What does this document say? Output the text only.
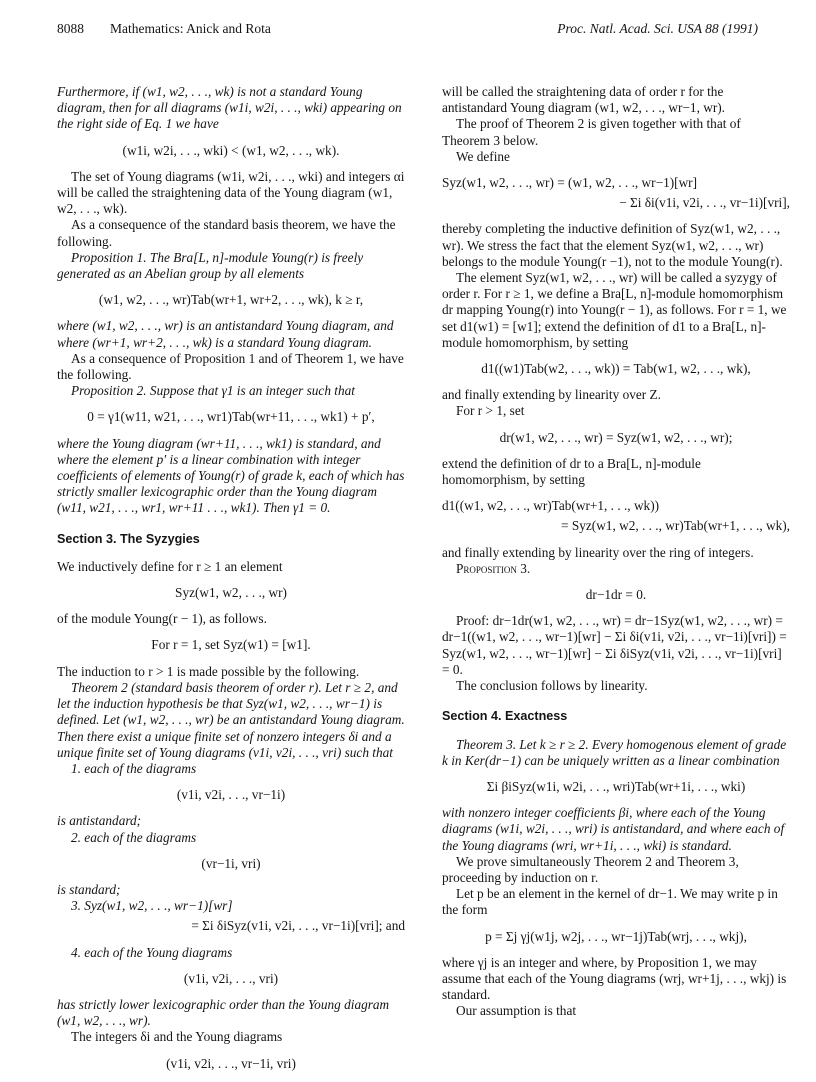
8088 Mathematics: Anick and Rota	Proc. Natl. Acad. Sci. USA 88 (1991)

Furthermore, if (w1, w2, . . ., wk) is not a standard Young diagram, then for all diagrams (w1i, w2i, . . ., wki) appearing on the right side of Eq. 1 we have

(w1i, w2i, . . ., wki) < (w1, w2, . . ., wk).

The set of Young diagrams (w1i, w2i, . . ., wki) and integers αi will be called the straightening data of the Young diagram (w1, w2, . . ., wk).

As a consequence of the standard basis theorem, we have the following.

Proposition 1. The Bra[L, n]-module Young(r) is freely generated as an Abelian group by all elements

(w1, w2, . . ., wr)Tab(wr+1, wr+2, . . ., wk), k ≥ r,

where (w1, w2, . . ., wr) is an antistandard Young diagram, and where (wr+1, wr+2, . . ., wk) is a standard Young diagram.

As a consequence of Proposition 1 and of Theorem 1, we have the following.

Proposition 2. Suppose that γ1 is an integer such that

0 = γ1(w11, w21, . . ., wr1)Tab(wr+11, . . ., wk1) + p′,

where the Young diagram (wr+11, . . ., wk1) is standard, and where the element p′ is a linear combination with integer coefficients of elements of Young(r) of grade k, each of which has strictly smaller lexicographic order than the Young diagram (w11, w21, . . ., wr1, wr+11 . . ., wk1). Then γ1 = 0.

Section 3. The Syzygies

We inductively define for r ≥ 1 an element

Syz(w1, w2, . . ., wr)

of the module Young(r − 1), as follows.

For r = 1, set Syz(w1) = [w1].

The induction to r > 1 is made possible by the following.

Theorem 2 (standard basis theorem of order r). Let r ≥ 2, and let the induction hypothesis be that Syz(w1, w2, . . ., wr−1) is defined. Let (w1, w2, . . ., wr) be an antistandard Young diagram. Then there exist a unique finite set of nonzero integers δi and a unique finite set of Young diagrams (v1i, v2i, . . ., vri) such that

1. each of the diagrams

(v1i, v2i, . . ., vr−1i)

is antistandard;

2. each of the diagrams

(vr−1i, vri)

is standard;

3. Syz(w1, w2, . . ., wr−1)[wr]

= Σi δiSyz(v1i, v2i, . . ., vr−1i)[vri]; and

4. each of the Young diagrams

(v1i, v2i, . . ., vri)

has strictly lower lexicographic order than the Young diagram (w1, w2, . . ., wr).

The integers δi and the Young diagrams

(v1i, v2i, . . ., vr−1i, vri)

will be called the straightening data of order r for the antistandard Young diagram (w1, w2, . . ., wr−1, wr).

The proof of Theorem 2 is given together with that of Theorem 3 below.

We define

Syz(w1, w2, . . ., wr) = (w1, w2, . . ., wr−1)[wr]

− Σi δi(v1i, v2i, . . ., vr−1i)[vri],

thereby completing the inductive definition of Syz(w1, w2, . . ., wr). We stress the fact that the element Syz(w1, w2, . . ., wr) belongs to the module Young(r −1), not to the module Young(r).

The element Syz(w1, w2, . . ., wr) will be called a syzygy of order r. For r ≥ 1, we define a Bra[L, n]-module homomorphism dr mapping Young(r) into Young(r − 1), as follows. For r = 1, we set d1(w1) = [w1]; extend the definition of d1 to a Bra[L, n]-module homomorphism, by setting

d1((w1)Tab(w2, . . ., wk)) = Tab(w1, w2, . . ., wk),

and finally extending by linearity over Z.

For r > 1, set

dr(w1, w2, . . ., wr) = Syz(w1, w2, . . ., wr);

extend the definition of dr to a Bra[L, n]-module homomorphism, by setting

d1((w1, w2, . . ., wr)Tab(wr+1, . . ., wk))

= Syz(w1, w2, . . ., wr)Tab(wr+1, . . ., wk),

and finally extending by linearity over the ring of integers.

Proposition 3.

dr−1dr = 0.

Proof: dr−1dr(w1, w2, . . ., wr) = dr−1Syz(w1, w2, . . ., wr) = dr−1((w1, w2, . . ., wr−1)[wr] − Σi δi(v1i, v2i, . . ., vr−1i)[vri]) = Syz(w1, w2, . . ., wr−1)[wr] − Σi δiSyz(v1i, v2i, . . ., vr−1i)[vri] = 0.

The conclusion follows by linearity.

Section 4. Exactness

Theorem 3. Let k ≥ r ≥ 2. Every homogenous element of grade k in Ker(dr−1) can be uniquely written as a linear combination

Σi βiSyz(w1i, w2i, . . ., wri)Tab(wr+1i, . . ., wki)

with nonzero integer coefficients βi, where each of the Young diagrams (w1i, w2i, . . ., wri) is antistandard, and where each of the Young diagrams (wri, wr+1i, . . ., wki) is standard.

We prove simultaneously Theorem 2 and Theorem 3, proceeding by induction on r.

Let p be an element in the kernel of dr−1. We may write p in the form

p = Σj γj(w1j, w2j, . . ., wr−1j)Tab(wrj, . . ., wkj),

where γj is an integer and where, by Proposition 1, we may assume that each of the Young diagrams (wrj, wr+1j, . . ., wkj) is standard.

Our assumption is that
